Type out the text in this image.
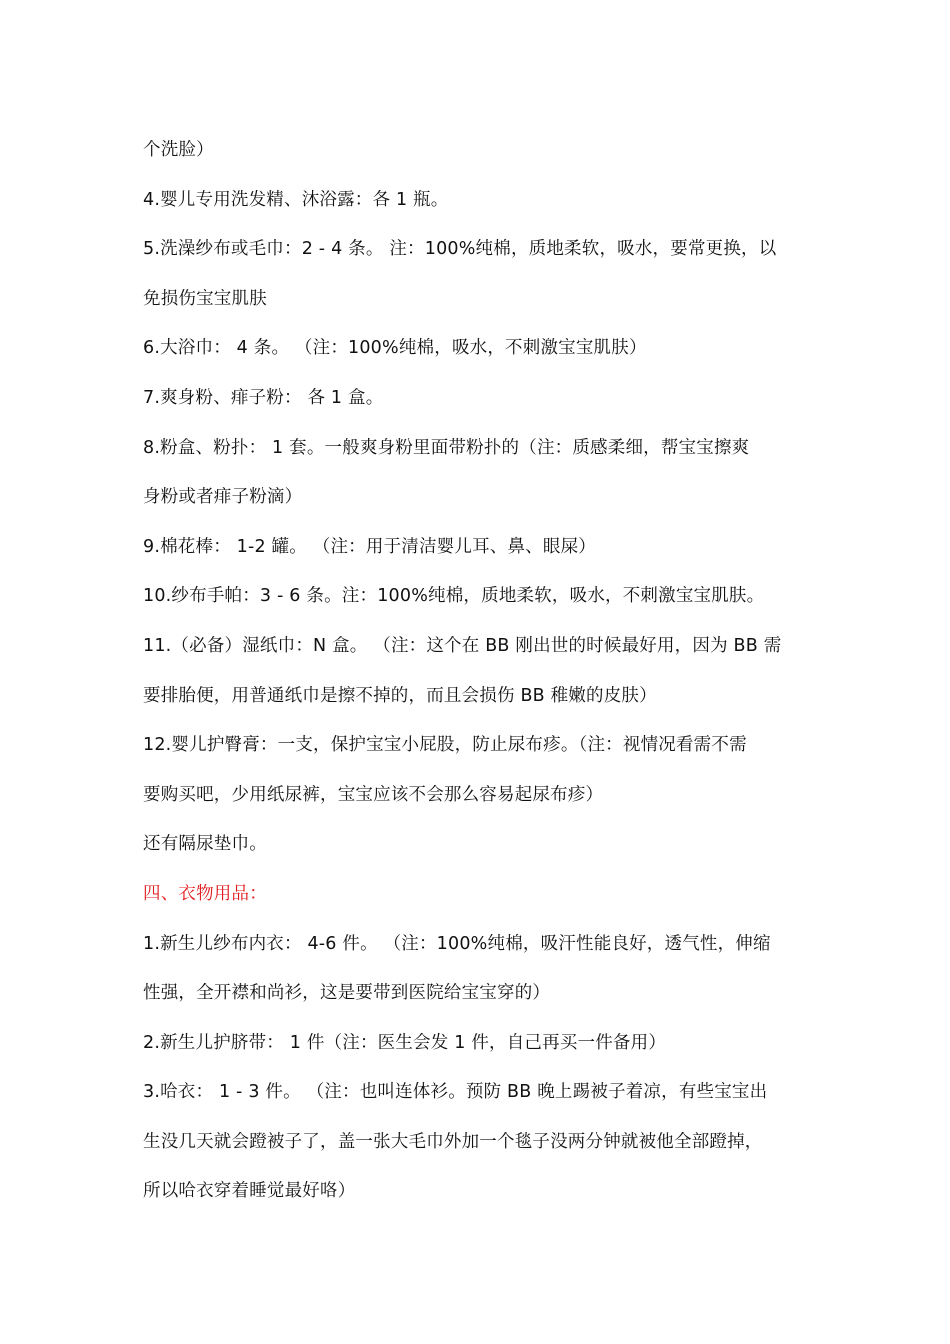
个洗脸）
4.婴儿专用洗发精、沐浴露：各 1 瓶。
5.洗澡纱布或毛巾：2 - 4 条。 注：100%纯棉，质地柔软，吸水，要常更换，以
免损伤宝宝肌肤
6.大浴巾： 4 条。 （注：100%纯棉，吸水，不刺激宝宝肌肤）
7.爽身粉、痱子粉： 各 1 盒。
8.粉盒、粉扑： 1 套。一般爽身粉里面带粉扑的（注：质感柔细，帮宝宝擦爽
身粉或者痱子粉滴）
9.棉花棒： 1-2 罐。 （注：用于清洁婴儿耳、鼻、眼屎）
10.纱布手帕：3 - 6 条。注：100%纯棉，质地柔软，吸水，不刺激宝宝肌肤。
11.（必备）湿纸巾：N 盒。 （注：这个在 BB 刚出世的时候最好用，因为 BB 需
要排胎便，用普通纸巾是擦不掉的，而且会损伤 BB 稚嫩的皮肤）
12.婴儿护臀膏：一支，保护宝宝小屁股，防止尿布疹。（注：视情况看需不需
要购买吧，少用纸尿裤，宝宝应该不会那么容易起尿布疹）
还有隔尿垫巾。
四、衣物用品：
1.新生儿纱布内衣： 4-6 件。 （注：100%纯棉，吸汗性能良好，透气性，伸缩
性强，全开襟和尚衫，这是要带到医院给宝宝穿的）
2.新生儿护脐带： 1 件（注：医生会发 1 件，自己再买一件备用）
3.哈衣： 1 - 3 件。 （注：也叫连体衫。预防 BB 晚上踢被子着凉，有些宝宝出
生没几天就会蹬被子了，盖一张大毛巾外加一个毯子没两分钟就被他全部蹬掉，
所以哈衣穿着睡觉最好咯）
